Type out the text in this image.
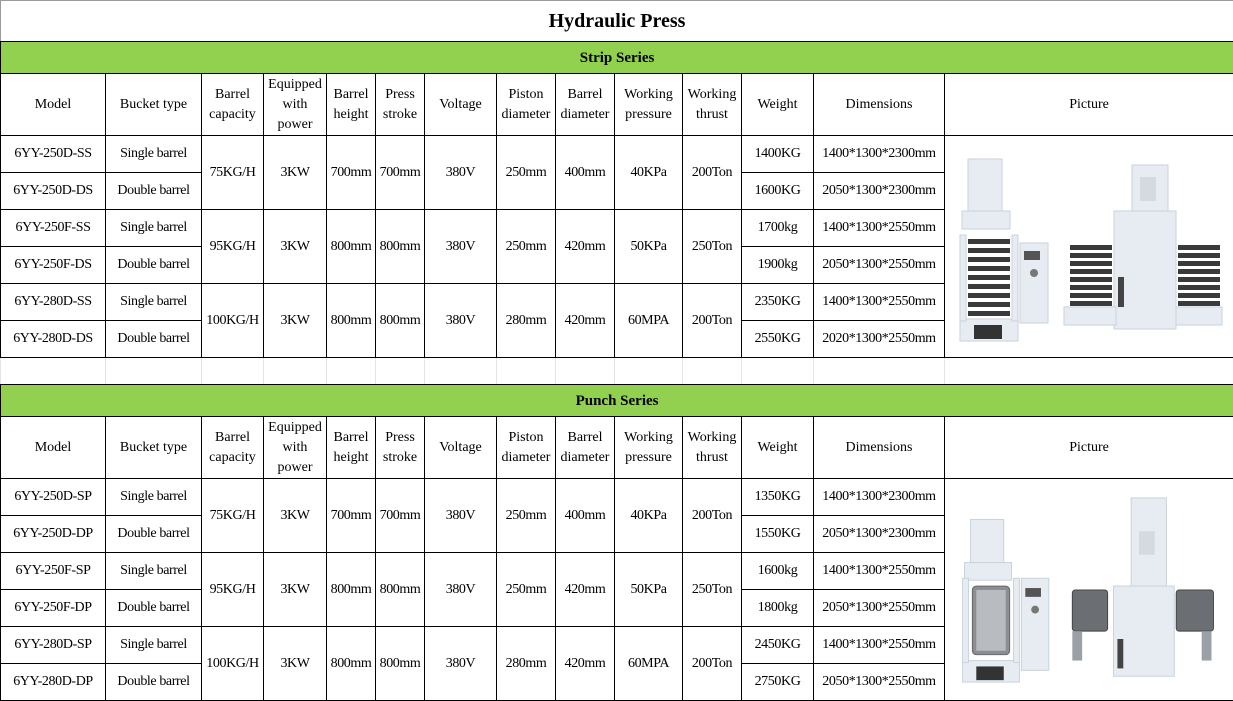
Hydraulic Press													
Strip Series													
Model	Bucket type	Barrel capacity	Equipped with power	Barrel height	Press stroke	Voltage	Piston diameter	Barrel diameter	Working pressure	Working thrust	Weight	Dimensions	Picture
6YY-250D-SS	Single barrel	75KG/H	3KW	700mm	700mm	380V	250mm	400mm	40KPa	200Ton	1400KG	1400*1300*2300mm	

6YY-250D-DS	Double barrel										1600KG	2050*1300*2300mm	
6YY-250F-SS	Single barrel	95KG/H	3KW	800mm	800mm	380V	250mm	420mm	50KPa	250Ton	1700kg	1400*1300*2550mm	
6YY-250F-DS	Double barrel										1900kg	2050*1300*2550mm	
6YY-280D-SS	Single barrel	100KG/H	3KW	800mm	800mm	380V	280mm	420mm	60MPA	200Ton	2350KG	1400*1300*2550mm	
6YY-280D-DS	Double barrel										2550KG	2020*1300*2550mm	

Punch Series													
Model	Bucket type	Barrel capacity	Equipped with power	Barrel height	Press stroke	Voltage	Piston diameter	Barrel diameter	Working pressure	Working thrust	Weight	Dimensions	Picture
6YY-250D-SP	Single barrel	75KG/H	3KW	700mm	700mm	380V	250mm	400mm	40KPa	200Ton	1350KG	1400*1300*2300mm	

6YY-250D-DP	Double barrel										1550KG	2050*1300*2300mm	
6YY-250F-SP	Single barrel	95KG/H	3KW	800mm	800mm	380V	250mm	420mm	50KPa	250Ton	1600kg	1400*1300*2550mm	
6YY-250F-DP	Double barrel										1800kg	2050*1300*2550mm	
6YY-280D-SP	Single barrel	100KG/H	3KW	800mm	800mm	380V	280mm	420mm	60MPA	200Ton	2450KG	1400*1300*2550mm	
6YY-280D-DP	Double barrel										2750KG	2050*1300*2550mm	
